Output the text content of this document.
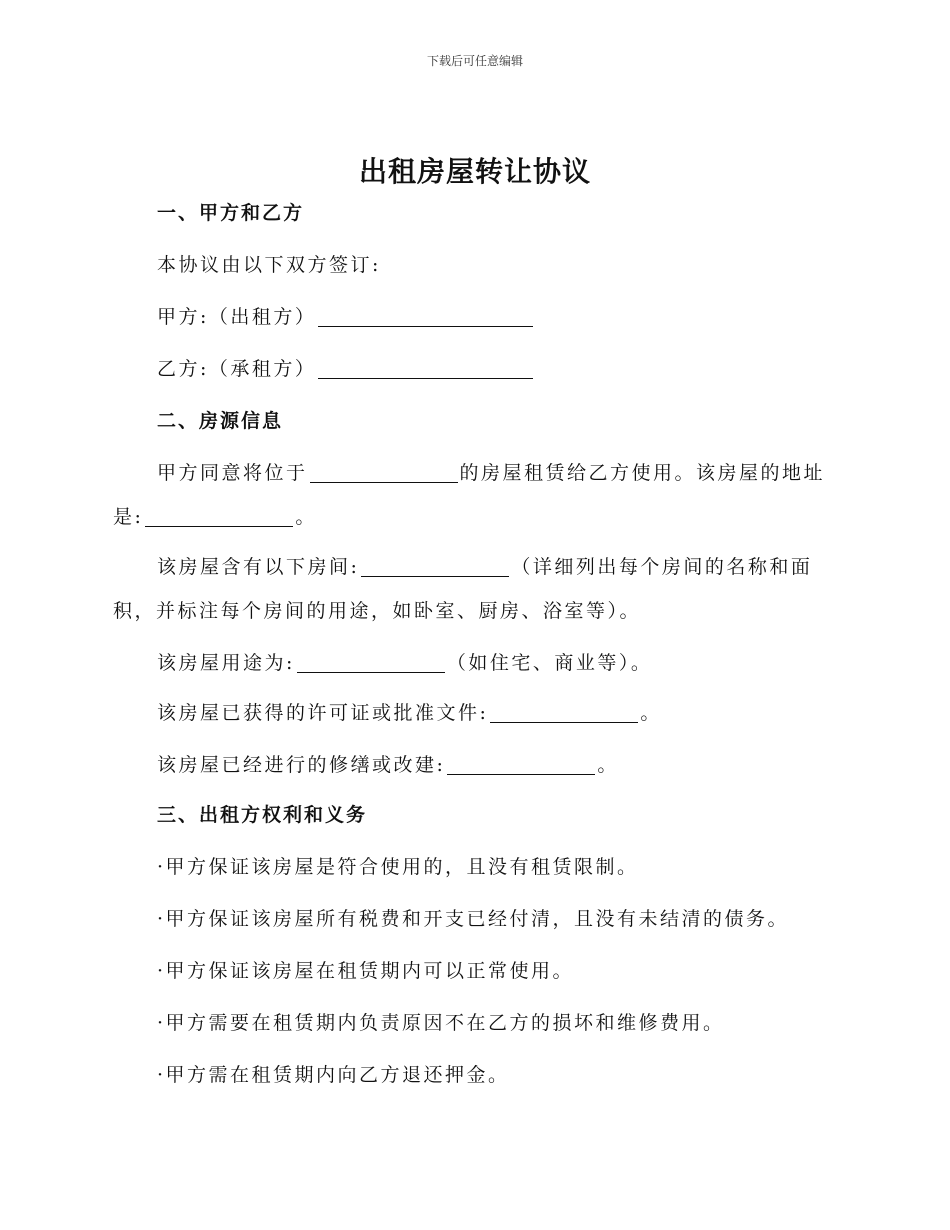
下载后可任意编辑
出租房屋转让协议
一、甲方和乙方
本协议由以下双方签订:
甲方:（出租方）
乙方:（承租方）
二、房源信息
甲方同意将位于	的房屋租赁给乙方使用。该房屋的地址
是:	。
该房屋含有以下房间:	（详细列出每个房间的名称和面
积，并标注每个房间的用途，如卧室、厨房、浴室等）。
该房屋用途为:	（如住宅、商业等）。
该房屋已获得的许可证或批准文件:	。
该房屋已经进行的修缮或改建:	。
三、出租方权利和义务
·甲方保证该房屋是符合使用的，且没有租赁限制。
·甲方保证该房屋所有税费和开支已经付清，且没有未结清的债务。
·甲方保证该房屋在租赁期内可以正常使用。
·甲方需要在租赁期内负责原因不在乙方的损坏和维修费用。
·甲方需在租赁期内向乙方退还押金。
